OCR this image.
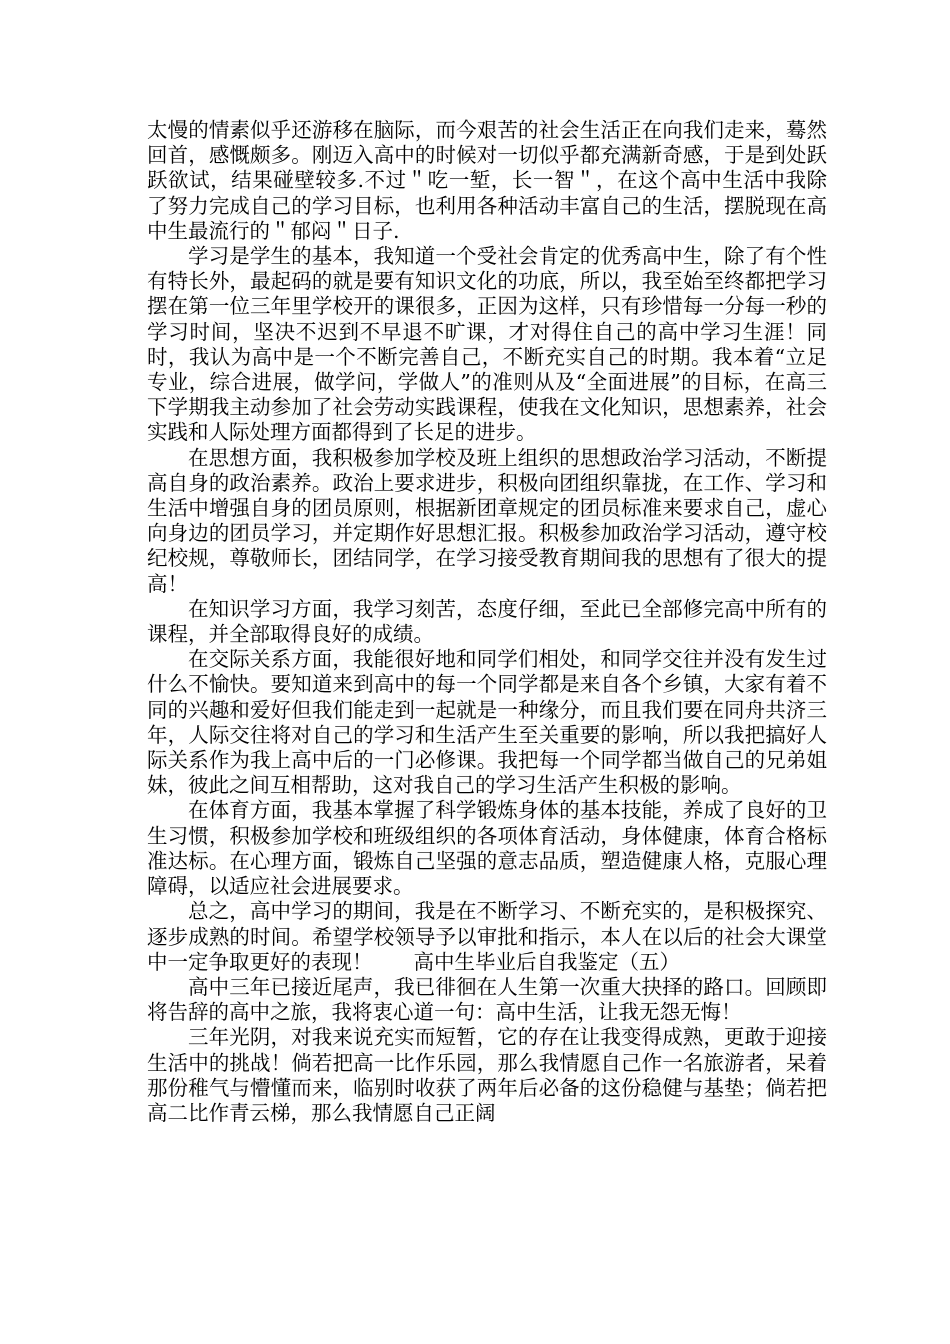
太慢的情素似乎还游移在脑际，而今艰苦的社会生活正在向我们走来，蓦然回首，感慨颇多。刚迈入高中的时候对一切似乎都充满新奇感，于是到处跃跃欲试，结果碰壁较多.不过＂吃一堑，长一智＂，在这个高中生活中我除了努力完成自己的学习目标，也利用各种活动丰富自己的生活，摆脱现在高中生最流行的＂郁闷＂日子.

学习是学生的基本，我知道一个受社会肯定的优秀高中生，除了有个性有特长外，最起码的就是要有知识文化的功底，所以，我至始至终都把学习摆在第一位三年里学校开的课很多，正因为这样，只有珍惜每一分每一秒的学习时间，坚决不迟到不早退不旷课，才对得住自己的高中学习生涯！同时，我认为高中是一个不断完善自己，不断充实自己的时期。我本着“立足专业，综合进展，做学问，学做人”的准则从及“全面进展”的目标，在高三下学期我主动参加了社会劳动实践课程，使我在文化知识，思想素养，社会实践和人际处理方面都得到了长足的进步。

在思想方面，我积极参加学校及班上组织的思想政治学习活动，不断提高自身的政治素养。政治上要求进步，积极向团组织靠拢，在工作、学习和生活中增强自身的团员原则，根据新团章规定的团员标准来要求自己，虚心向身边的团员学习，并定期作好思想汇报。积极参加政治学习活动，遵守校纪校规，尊敬师长，团结同学，在学习接受教育期间我的思想有了很大的提高！

在知识学习方面，我学习刻苦，态度仔细，至此已全部修完高中所有的课程，并全部取得良好的成绩。

在交际关系方面，我能很好地和同学们相处，和同学交往并没有发生过什么不愉快。要知道来到高中的每一个同学都是来自各个乡镇，大家有着不同的兴趣和爱好但我们能走到一起就是一种缘分，而且我们要在同舟共济三年，人际交往将对自己的学习和生活产生至关重要的影响，所以我把搞好人际关系作为我上高中后的一门必修课。我把每一个同学都当做自己的兄弟姐妹，彼此之间互相帮助，这对我自己的学习生活产生积极的影响。

在体育方面，我基本掌握了科学锻炼身体的基本技能，养成了良好的卫生习惯，积极参加学校和班级组织的各项体育活动，身体健康，体育合格标准达标。在心理方面，锻炼自己坚强的意志品质，塑造健康人格，克服心理障碍，以适应社会进展要求。

总之，高中学习的期间，我是在不断学习、不断充实的，是积极探究、逐步成熟的时间。希望学校领导予以审批和指示，本人在以后的社会大课堂中一定争取更好的表现！　　高中生毕业后自我鉴定（五）

高中三年已接近尾声，我已徘徊在人生第一次重大抉择的路口。回顾即将告辞的高中之旅，我将衷心道一句：高中生活，让我无怨无悔！

三年光阴，对我来说充实而短暂，它的存在让我变得成熟，更敢于迎接生活中的挑战！倘若把高一比作乐园，那么我情愿自己作一名旅游者，呆着那份稚气与懵懂而来，临别时收获了两年后必备的这份稳健与基垫；倘若把高二比作青云梯，那么我情愿自己正阔
